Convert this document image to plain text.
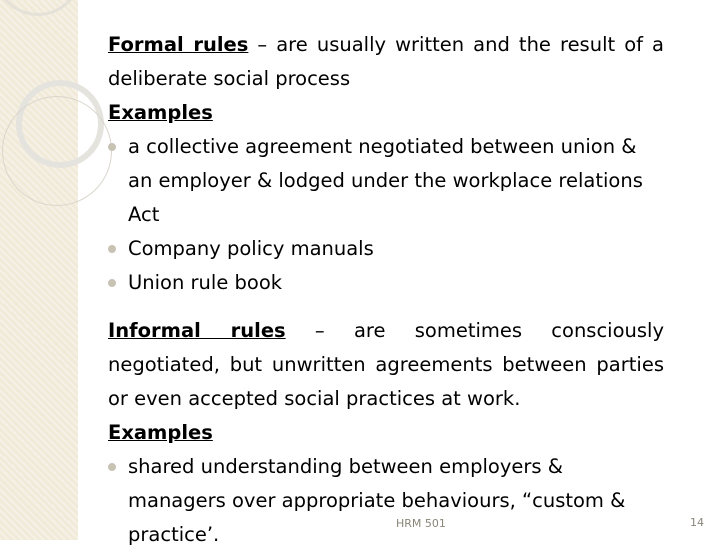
Formal rules – are usually written and the result of a deliberate social process

Examples

a collective agreement negotiated between union & an employer & lodged under the workplace relations Act

Company policy manuals

Union rule book

Informal rules – are sometimes consciously negotiated, but unwritten agreements between parties or even accepted social practices at work.

Examples

shared understanding between employers & managers over appropriate behaviours, “custom & practice’.	HRM 501	14
